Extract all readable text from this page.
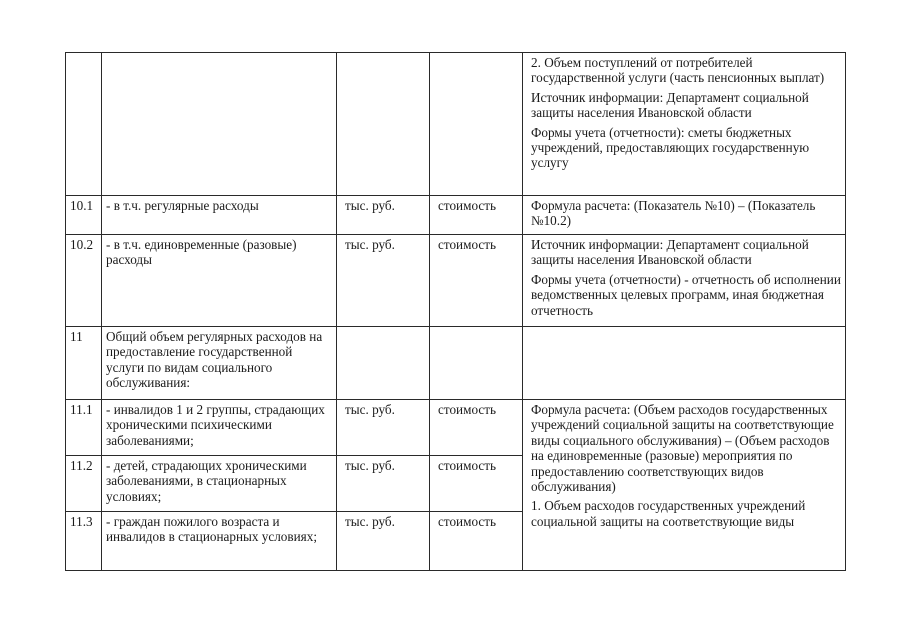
				2. Объем поступлений от потребителей государственной услуги (часть пенсионных выплат)

Источник информации: Департамент социальной защиты населения Ивановской области

Формы учета (отчетности): сметы бюджетных учреждений, предоставляющих государственную услугу

10.1	- в т.ч. регулярные расходы	тыс. руб.	стоимость	Формула расчета: (Показатель №10) – (Показатель №10.2)

10.2	- в т.ч. единовременные (разовые) расходы	тыс. руб.	стоимость	Источник информации: Департамент социальной защиты населения Ивановской области

Формы учета (отчетности) - отчетность об исполнении ведомственных целевых программ, иная бюджетная отчетность

11	Общий объем регулярных расходов на предоставление государственной услуги по видам социального обслуживания:			
11.1	- инвалидов 1 и 2 группы, страдающих хроническими психическими заболеваниями;	тыс. руб.	стоимость	Формула расчета: (Объем расходов государственных учреждений социальной защиты на соответствующие виды социального обслуживания) – (Объем расходов на единовременные (разовые) мероприятия по предоставлению соответствующих видов обслуживания)

1. Объем расходов государственных учреждений социальной защиты на соответствующие виды

11.2	- детей, страдающих хроническими заболеваниями, в стационарных условиях;	тыс. руб.	стоимость	
11.3	- граждан пожилого возраста и инвалидов в стационарных условиях;	тыс. руб.	стоимость	
